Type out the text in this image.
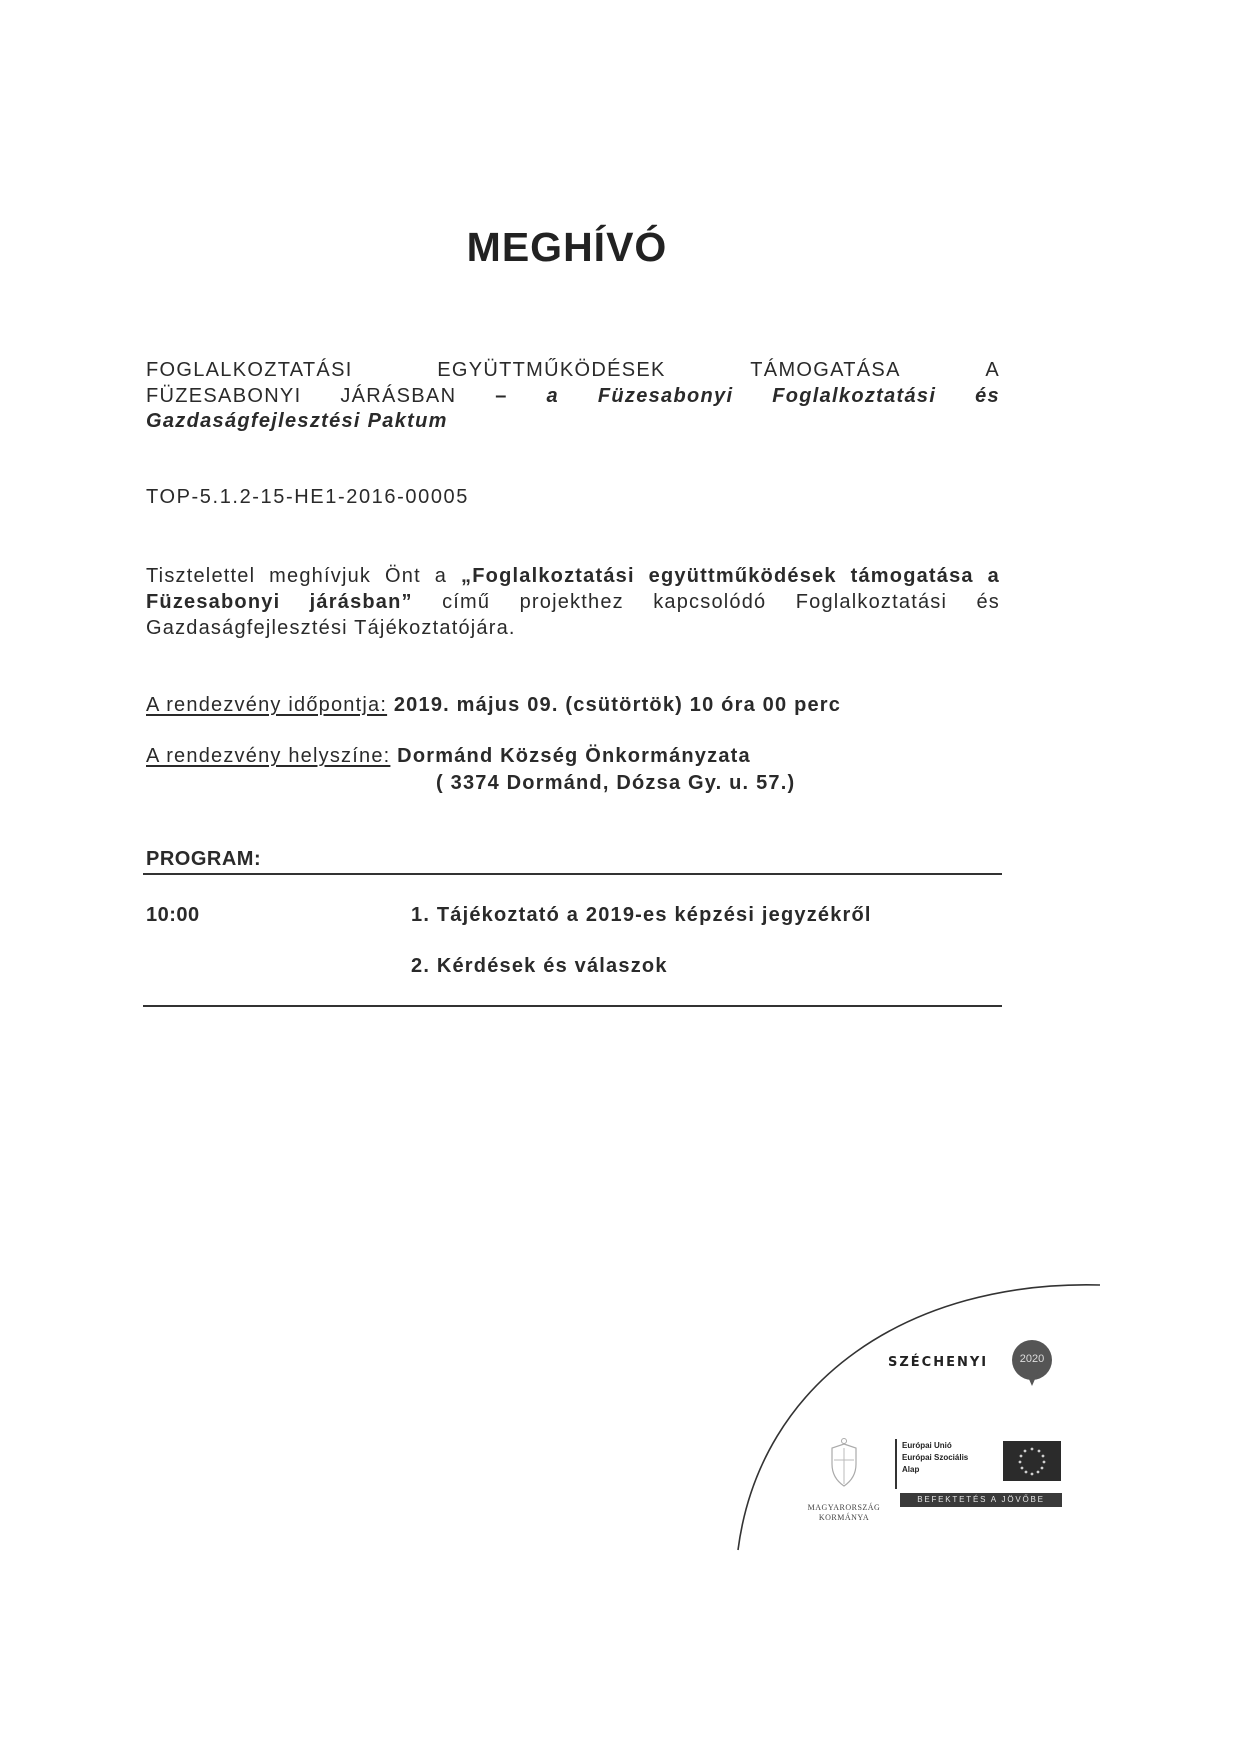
MEGHÍVÓ
FOGLALKOZTATÁSI	EGYÜTTMŰKÖDÉSEK	TÁMOGATÁSA	A
FÜZESABONYI JÁRÁSBAN – a Füzesabonyi Foglalkoztatási és
Gazdaságfejlesztési Paktum
TOP-5.1.2-15-HE1-2016-00005
Tisztelettel meghívjuk Önt a „Foglalkoztatási együttműködések támogatása a Füzesabonyi járásban” című projekthez kapcsolódó Foglalkoztatási és Gazdaságfejlesztési Tájékoztatójára.
A rendezvény időpontja: 2019. május 09. (csütörtök) 10 óra 00 perc
A rendezvény helyszíne: Dormánd Község Önkormányzata
( 3374 Dormánd, Dózsa Gy. u. 57.)
PROGRAM:
10:00	1. Tájékoztató a 2019-es képzési jegyzékről
2. Kérdések és válaszok
SZÉCHENYI	2020
MAGYARORSZÁG
KORMÁNYA
Európai Unió
Európai Szociális
Alap
BEFEKTETÉS A JÖVŐBE
